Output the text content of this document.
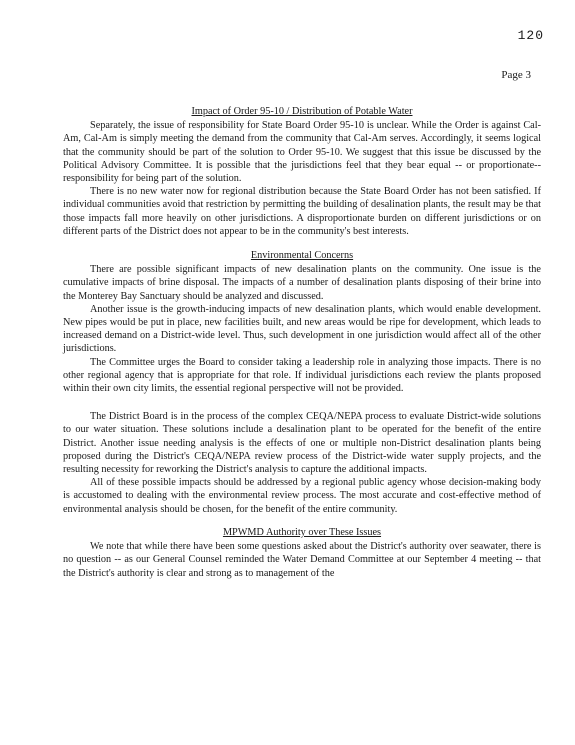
120
Page 3
Impact of Order 95-10 / Distribution of Potable Water

Separately, the issue of responsibility for State Board Order 95-10 is unclear. While the Order is against Cal-Am, Cal-Am is simply meeting the demand from the community that Cal-Am serves. Accordingly, it seems logical that the community should be part of the solution to Order 95-10. We suggest that this issue be discussed by the Political Advisory Committee. It is possible that the jurisdictions feel that they bear equal -- or proportionate-- responsibility for being part of the solution.

There is no new water now for regional distribution because the State Board Order has not been satisfied. If individual communities avoid that restriction by permitting the building of desalination plants, the result may be that those impacts fall more heavily on other jurisdictions. A disproportionate burden on different jurisdictions or on different parts of the District does not appear to be in the community's best interests.

Environmental Concerns

There are possible significant impacts of new desalination plants on the community. One issue is the cumulative impacts of brine disposal. The impacts of a number of desalination plants disposing of their brine into the Monterey Bay Sanctuary should be analyzed and discussed.

Another issue is the growth-inducing impacts of new desalination plants, which would enable development. New pipes would be put in place, new facilities built, and new areas would be ripe for development, which leads to increased demand on a District-wide level. Thus, such development in one jurisdiction would affect all of the other jurisdictions.

The Committee urges the Board to consider taking a leadership role in analyzing those impacts. There is no other regional agency that is appropriate for that role. If individual jurisdictions each review the plants proposed within their own city limits, the essential regional perspective will not be provided.

The District Board is in the process of the complex CEQA/NEPA process to evaluate District-wide solutions to our water situation. These solutions include a desalination plant to be operated for the benefit of the entire District. Another issue needing analysis is the effects of one or multiple non-District desalination plants being proposed during the District's CEQA/NEPA review process of the District-wide water supply projects, and the resulting necessity for reworking the District's analysis to capture the additional impacts.

All of these possible impacts should be addressed by a regional public agency whose decision-making body is accustomed to dealing with the environmental review process. The most accurate and cost-effective method of environmental analysis should be chosen, for the benefit of the entire community.

MPWMD Authority over These Issues

We note that while there have been some questions asked about the District's authority over seawater, there is no question -- as our General Counsel reminded the Water Demand Committee at our September 4 meeting -- that the District's authority is clear and strong as to management of the
